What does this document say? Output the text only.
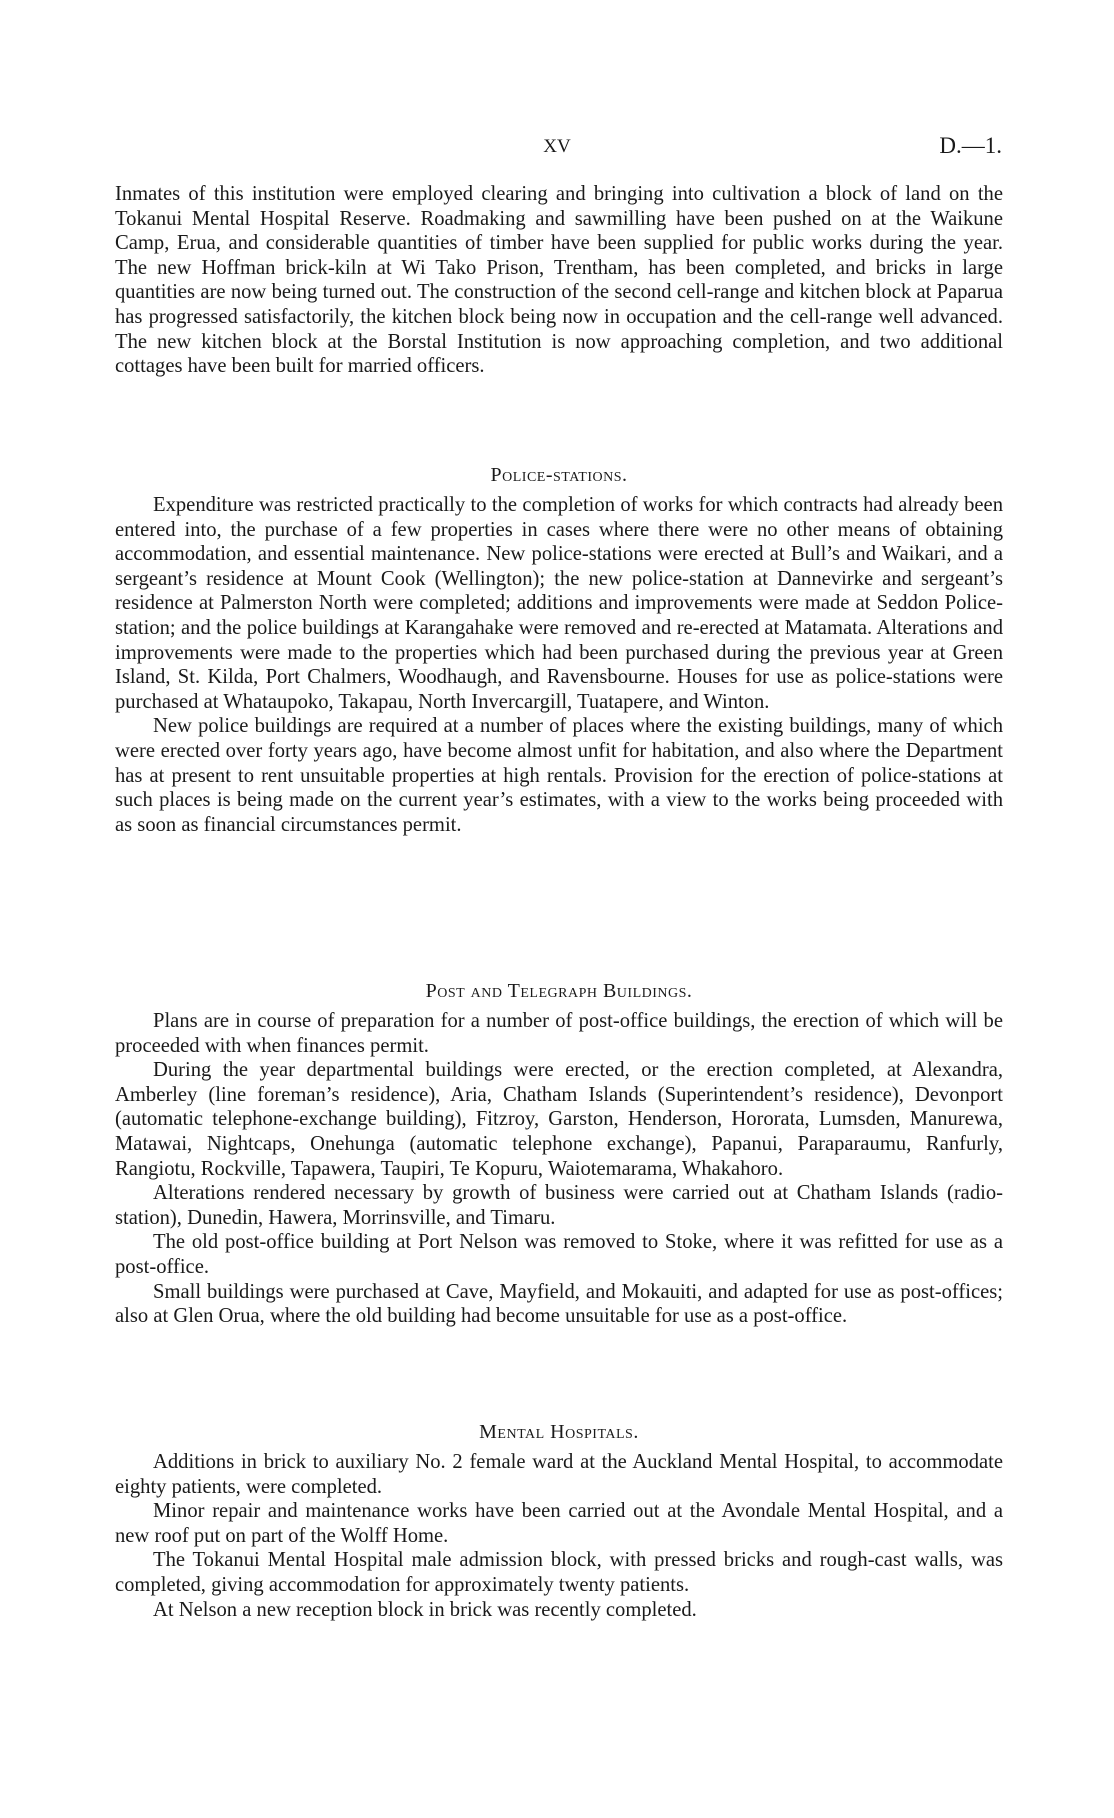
XV	D.—1.

Inmates of this institution were employed clearing and bringing into cultivation a block of land on the Tokanui Mental Hospital Reserve. Roadmaking and sawmilling have been pushed on at the Waikune Camp, Erua, and considerable quantities of timber have been supplied for public works during the year. The new Hoffman brick-kiln at Wi Tako Prison, Trentham, has been completed, and bricks in large quantities are now being turned out. The construction of the second cell-range and kitchen block at Paparua has progressed satisfactorily, the kitchen block being now in occupation and the cell-range well advanced. The new kitchen block at the Borstal Institution is now approaching completion, and two additional cottages have been built for married officers.

Police-stations.

Expenditure was restricted practically to the completion of works for which contracts had already been entered into, the purchase of a few properties in cases where there were no other means of obtaining accommodation, and essential maintenance. New police-stations were erected at Bull’s and Waikari, and a sergeant’s residence at Mount Cook (Wellington); the new police-station at Dannevirke and sergeant’s residence at Palmerston North were completed; additions and improvements were made at Seddon Police-station; and the police buildings at Karangahake were removed and re-erected at Matamata. Alterations and improvements were made to the properties which had been purchased during the previous year at Green Island, St. Kilda, Port Chalmers, Woodhaugh, and Ravensbourne. Houses for use as police-stations were purchased at Whataupoko, Takapau, North Invercargill, Tuatapere, and Winton.

New police buildings are required at a number of places where the existing buildings, many of which were erected over forty years ago, have become almost unfit for habitation, and also where the Department has at present to rent unsuitable properties at high rentals. Provision for the erection of police-stations at such places is being made on the current year’s estimates, with a view to the works being proceeded with as soon as financial circumstances permit.

Post and Telegraph Buildings.

Plans are in course of preparation for a number of post-office buildings, the erection of which will be proceeded with when finances permit.

During the year departmental buildings were erected, or the erection completed, at Alexandra, Amberley (line foreman’s residence), Aria, Chatham Islands (Superintendent’s residence), Devonport (automatic telephone-exchange building), Fitzroy, Garston, Henderson, Hororata, Lumsden, Manurewa, Matawai, Nightcaps, Onehunga (automatic telephone exchange), Papanui, Paraparaumu, Ranfurly, Rangiotu, Rockville, Tapawera, Taupiri, Te Kopuru, Waiotemarama, Whakahoro.

Alterations rendered necessary by growth of business were carried out at Chatham Islands (radio-station), Dunedin, Hawera, Morrinsville, and Timaru.

The old post-office building at Port Nelson was removed to Stoke, where it was refitted for use as a post-office.

Small buildings were purchased at Cave, Mayfield, and Mokauiti, and adapted for use as post-offices; also at Glen Orua, where the old building had become unsuitable for use as a post-office.

Mental Hospitals.

Additions in brick to auxiliary No. 2 female ward at the Auckland Mental Hospital, to accommodate eighty patients, were completed.

Minor repair and maintenance works have been carried out at the Avondale Mental Hospital, and a new roof put on part of the Wolff Home.

The Tokanui Mental Hospital male admission block, with pressed bricks and rough-cast walls, was completed, giving accommodation for approximately twenty patients.

At Nelson a new reception block in brick was recently completed.
